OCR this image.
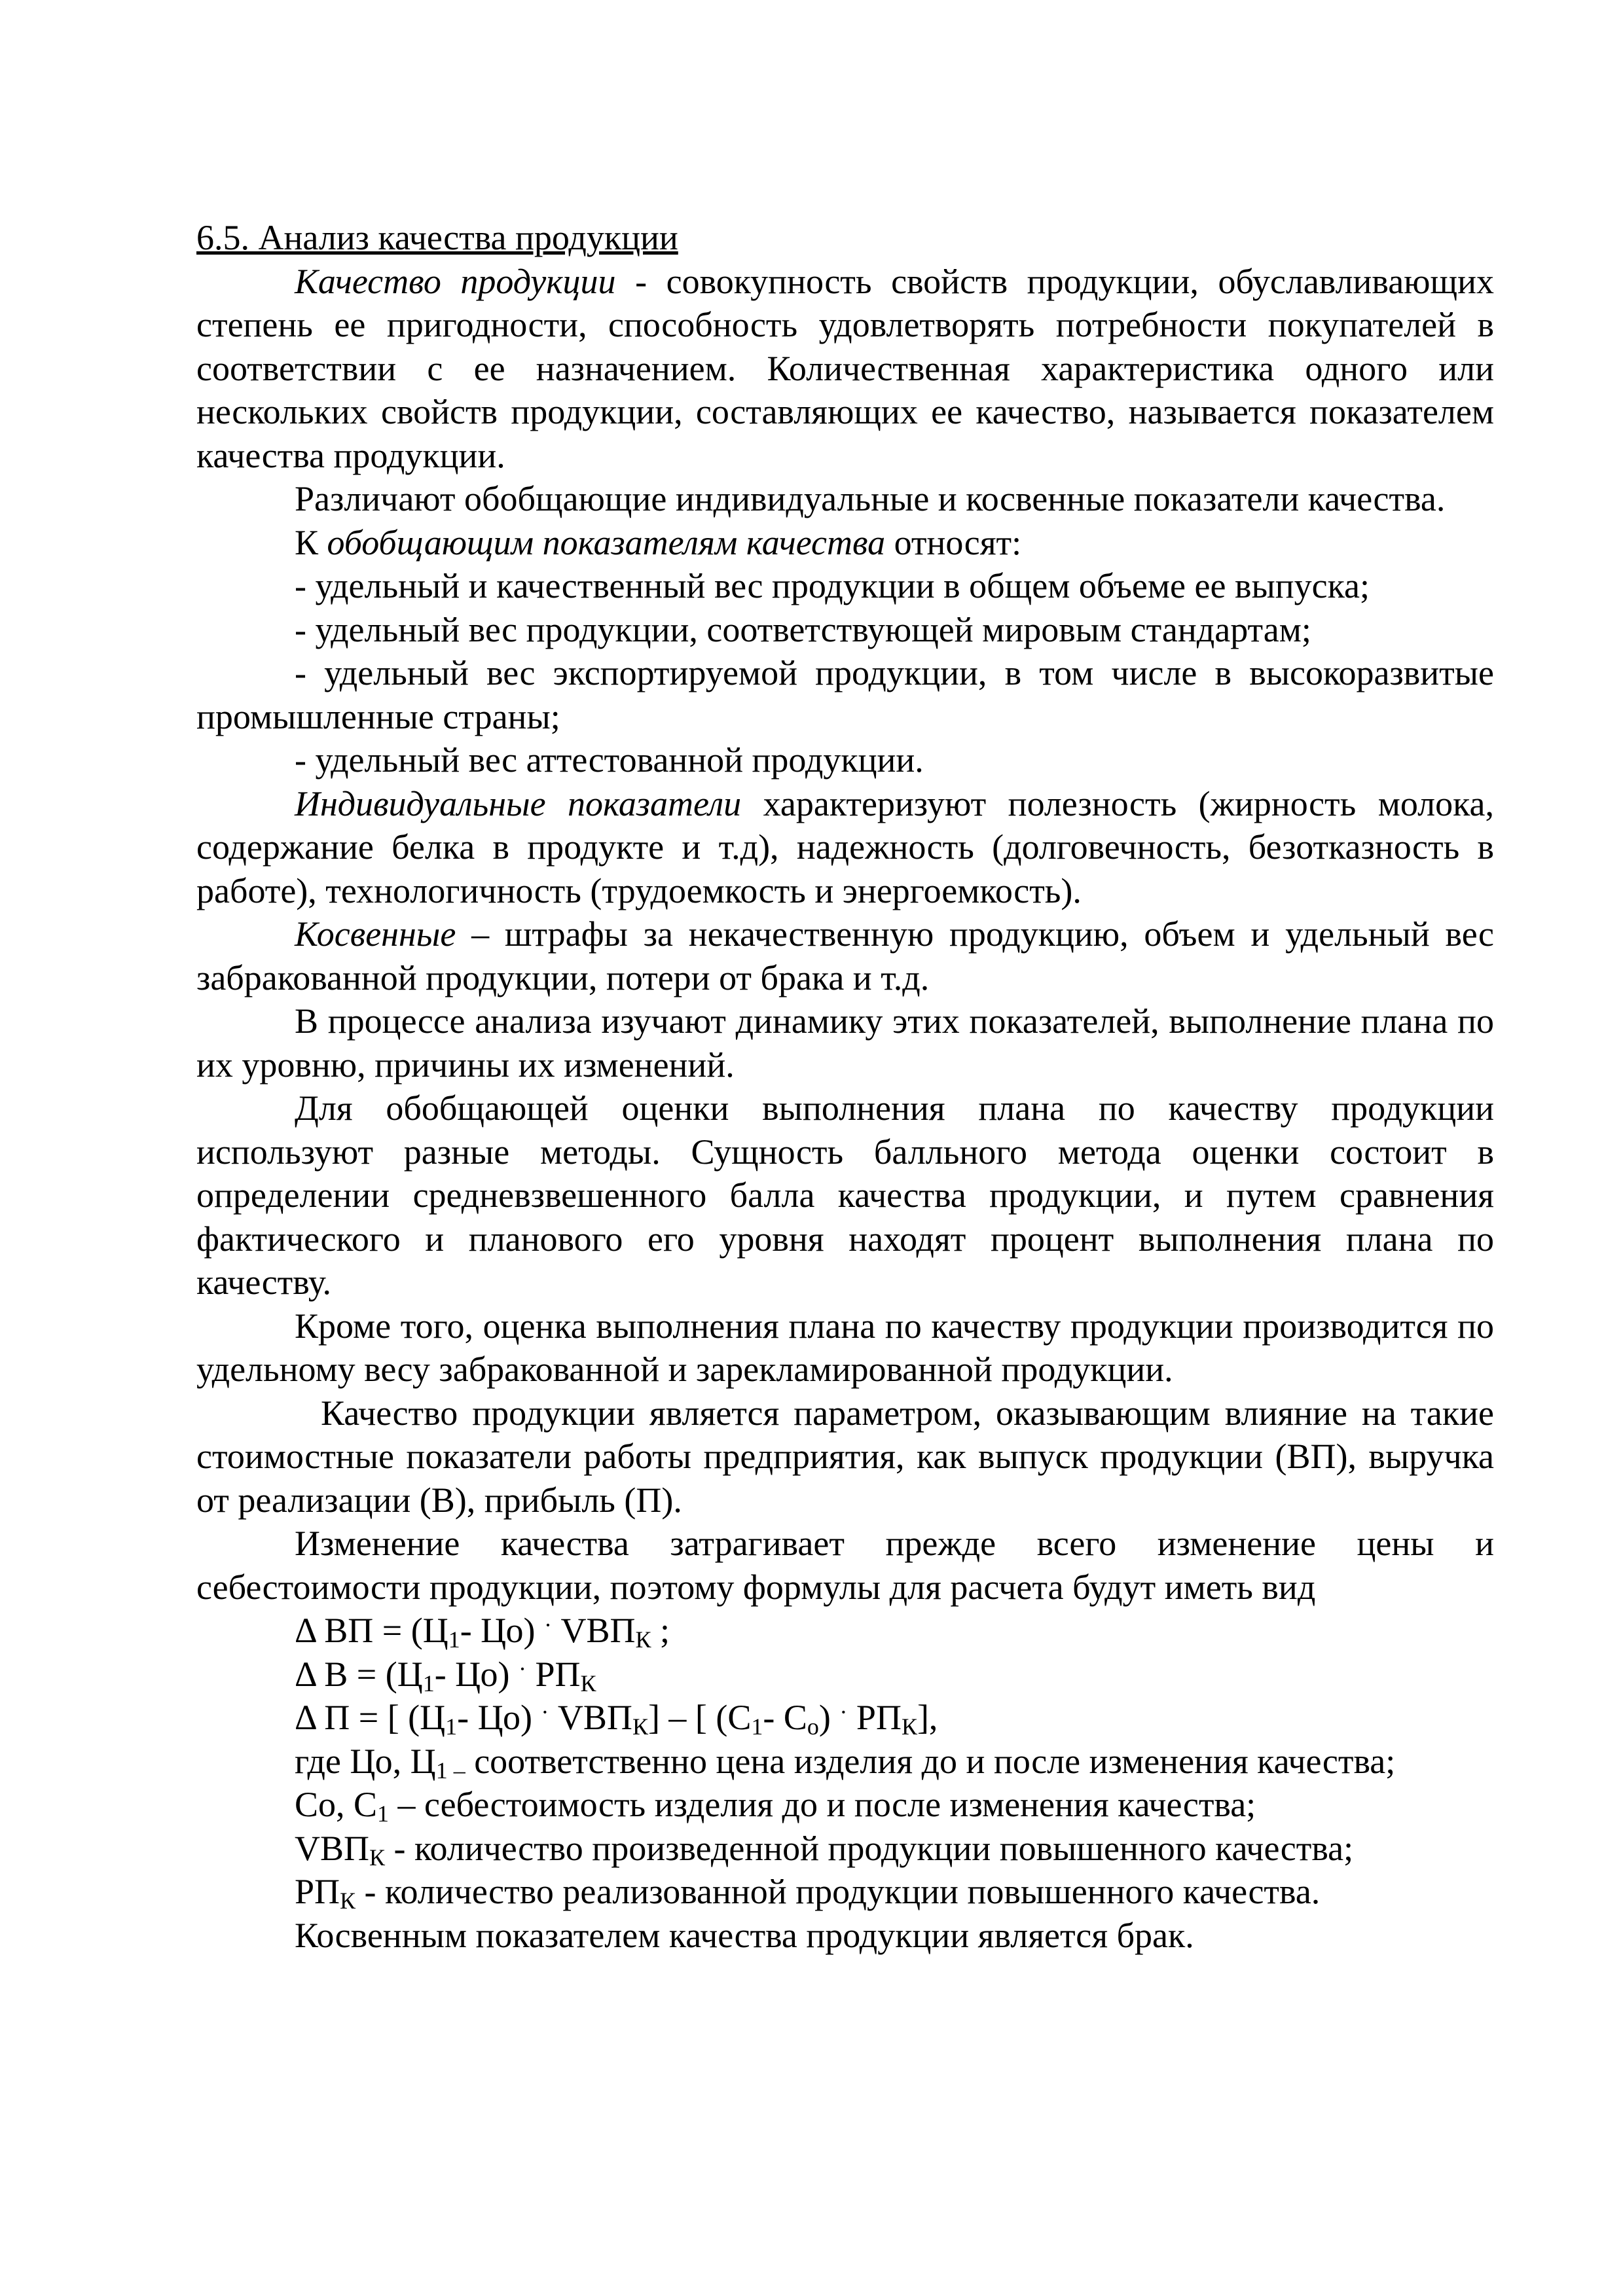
6.5. Анализ качества продукции

Качество продукции - совокупность свойств продукции, обуславливающих степень ее пригодности, способность удовлетворять потребности покупателей в соответствии с ее назначением. Количественная характеристика одного или нескольких свойств продукции, составляющих ее качество, называется показателем качества продукции.

Различают обобщающие индивидуальные и косвенные показатели качества.

К обобщающим показателям качества относят:

- удельный и качественный вес продукции в общем объеме ее выпуска;

- удельный вес продукции, соответствующей мировым стандартам;

- удельный вес экспортируемой продукции, в том числе в высокоразвитые промышленные страны;

- удельный вес аттестованной продукции.

Индивидуальные показатели характеризуют полезность (жирность молока, содержание белка в продукте и т.д), надежность (долговечность, безотказность в работе), технологичность (трудоемкость и энергоемкость).

Косвенные – штрафы за некачественную продукцию, объем и удельный вес забракованной продукции, потери от брака и т.д.

В процессе анализа изучают динамику этих показателей, выполнение плана по их уровню, причины их изменений.

Для обобщающей оценки выполнения плана по качеству продукции используют разные методы. Сущность балльного метода оценки состоит в определении средневзвешенного балла качества продукции, и путем сравнения фактического и планового его уровня находят процент выполнения плана по качеству.

Кроме того, оценка выполнения плана по качеству продукции производится по удельному весу забракованной и зарекламированной продукции.

Качество продукции является параметром, оказывающим влияние на такие стоимостные показатели работы предприятия, как выпуск продукции (ВП), выручка от реализации (В), прибыль (П).

Изменение качества затрагивает прежде всего изменение цены и себестоимости продукции, поэтому формулы для расчета будут иметь вид

Δ ВП = ($Ц_1-$ Цо) · $VВП_К$ ;

Δ $В = (Ц_1-$ Цо) · $РП_К$

Δ П = [ ($Ц_1-$ Цо) · $VВП_К$] – [ ($С_1-$ $С_о$) · $РП_К$],

где Цо, $Ц_{1 -}$ соответственно цена изделия до и после изменения качества;

Со, $С_1$ – себестоимость изделия до и после изменения качества;

$VВП_К$ - количество произведенной продукции повышенного качества;

$РП_К$ - количество реализованной продукции повышенного качества.

Косвенным показателем качества продукции является брак.
